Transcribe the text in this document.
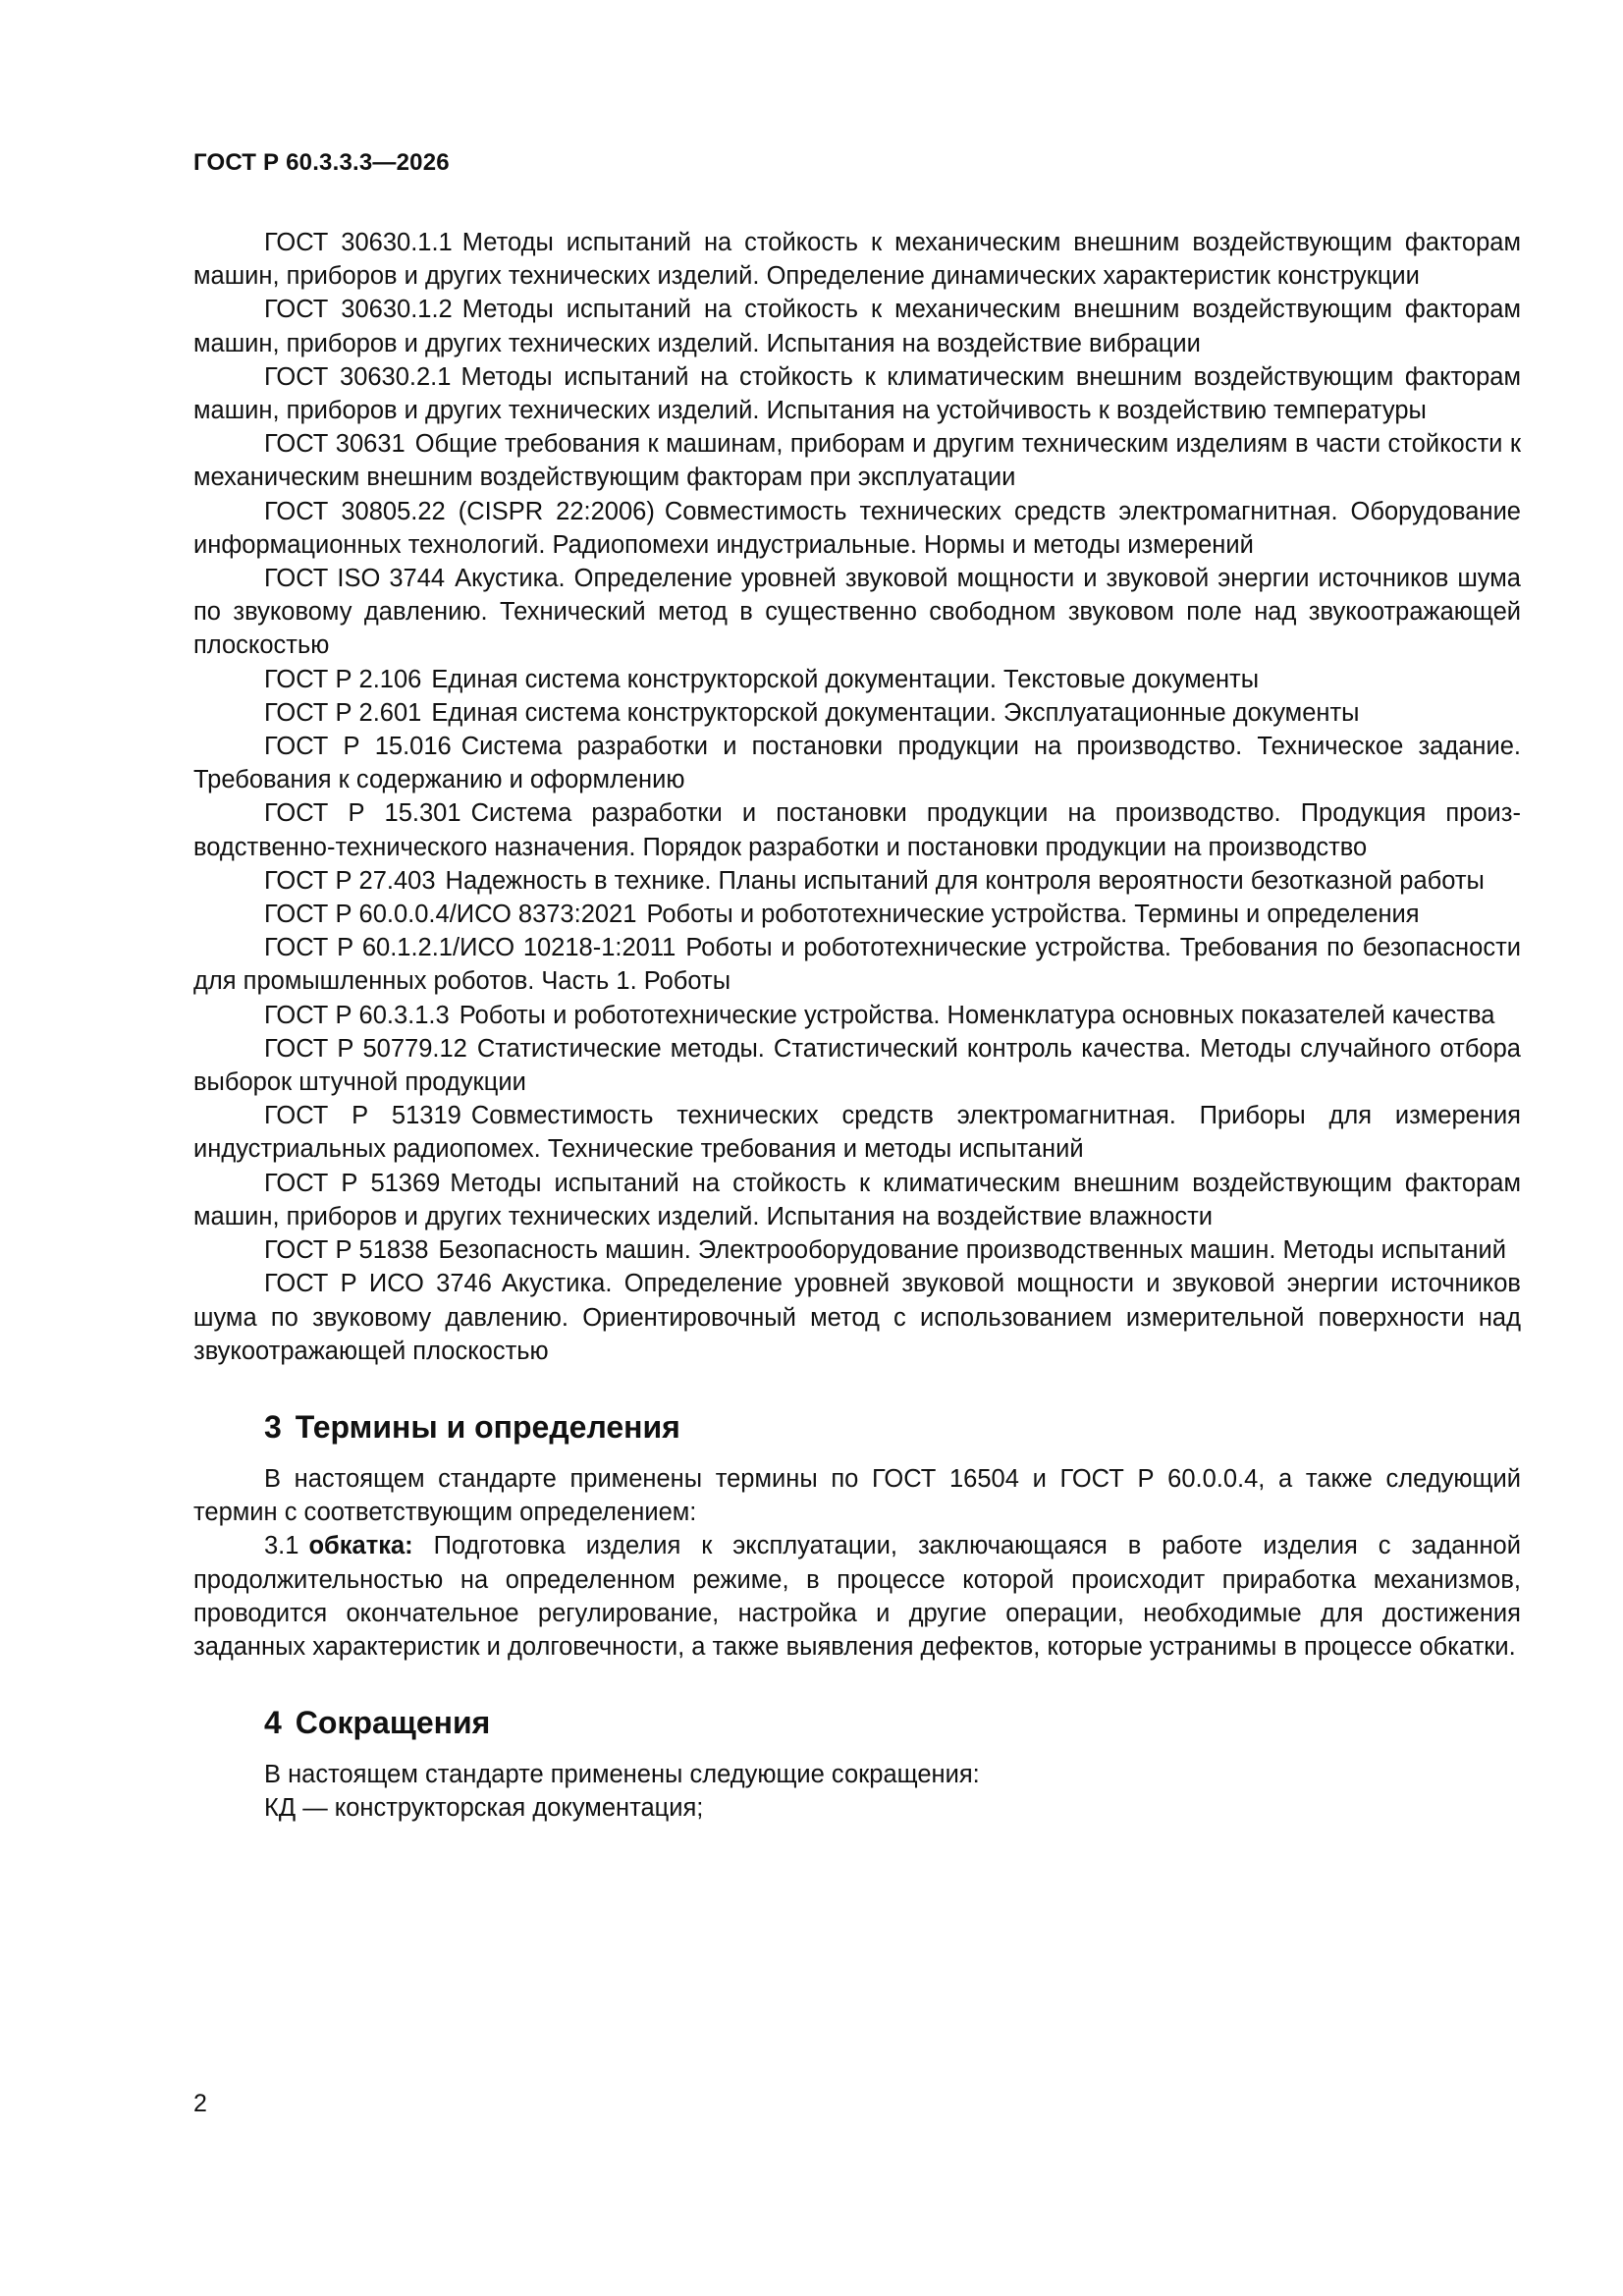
ГОСТ Р 60.3.3.3—2026

ГОСТ 30630.1.1 Методы испытаний на стойкость к механическим внешним воздействующим факторам машин, приборов и других технических изделий. Определение динамических характеристик конструкции

ГОСТ 30630.1.2 Методы испытаний на стойкость к механическим внешним воздействующим факторам машин, приборов и других технических изделий. Испытания на воздействие вибрации

ГОСТ 30630.2.1 Методы испытаний на стойкость к климатическим внешним воздействующим факторам машин, приборов и других технических изделий. Испытания на устойчивость к воздействию температуры

ГОСТ 30631 Общие требования к машинам, приборам и другим техническим изделиям в части стойкости к механическим внешним воздействующим факторам при эксплуатации

ГОСТ 30805.22 (CISPR 22:2006) Совместимость технических средств электромагнитная. Оборудование информационных технологий. Радиопомехи индустриальные. Нормы и методы измерений

ГОСТ ISO 3744 Акустика. Определение уровней звуковой мощности и звуковой энергии источников шума по звуковому давлению. Технический метод в существенно свободном звуковом поле над звукоотражающей плоскостью

ГОСТ Р 2.106 Единая система конструкторской документации. Текстовые документы

ГОСТ Р 2.601 Единая система конструкторской документации. Эксплуатационные документы

ГОСТ Р 15.016 Система разработки и постановки продукции на производство. Техническое задание. Требования к содержанию и оформлению

ГОСТ Р 15.301 Система разработки и постановки продукции на производство. Продукция производственно-технического назначения. Порядок разработки и постановки продукции на производство

ГОСТ Р 27.403 Надежность в технике. Планы испытаний для контроля вероятности безотказной работы

ГОСТ Р 60.0.0.4/ИСО 8373:2021 Роботы и робототехнические устройства. Термины и определения

ГОСТ Р 60.1.2.1/ИСО 10218-1:2011 Роботы и робототехнические устройства. Требования по безопасности для промышленных роботов. Часть 1. Роботы

ГОСТ Р 60.3.1.3 Роботы и робототехнические устройства. Номенклатура основных показателей качества

ГОСТ Р 50779.12 Статистические методы. Статистический контроль качества. Методы случайного отбора выборок штучной продукции

ГОСТ Р 51319 Совместимость технических средств электромагнитная. Приборы для измерения индустриальных радиопомех. Технические требования и методы испытаний

ГОСТ Р 51369 Методы испытаний на стойкость к климатическим внешним воздействующим факторам машин, приборов и других технических изделий. Испытания на воздействие влажности

ГОСТ Р 51838 Безопасность машин. Электрооборудование производственных машин. Методы испытаний

ГОСТ Р ИСО 3746 Акустика. Определение уровней звуковой мощности и звуковой энергии источников шума по звуковому давлению. Ориентировочный метод с использованием измерительной поверхности над звукоотражающей плоскостью

3 Термины и определения

В настоящем стандарте применены термины по ГОСТ 16504 и ГОСТ Р 60.0.0.4, а также следующий термин с соответствующим определением:

3.1 обкатка: Подготовка изделия к эксплуатации, заключающаяся в работе изделия с заданной продолжительностью на определенном режиме, в процессе которой происходит приработка механизмов, проводится окончательное регулирование, настройка и другие операции, необходимые для достижения заданных характеристик и долговечности, а также выявления дефектов, которые устранимы в процессе обкатки.

4 Сокращения

В настоящем стандарте применены следующие сокращения:

КД — конструкторская документация;

2
